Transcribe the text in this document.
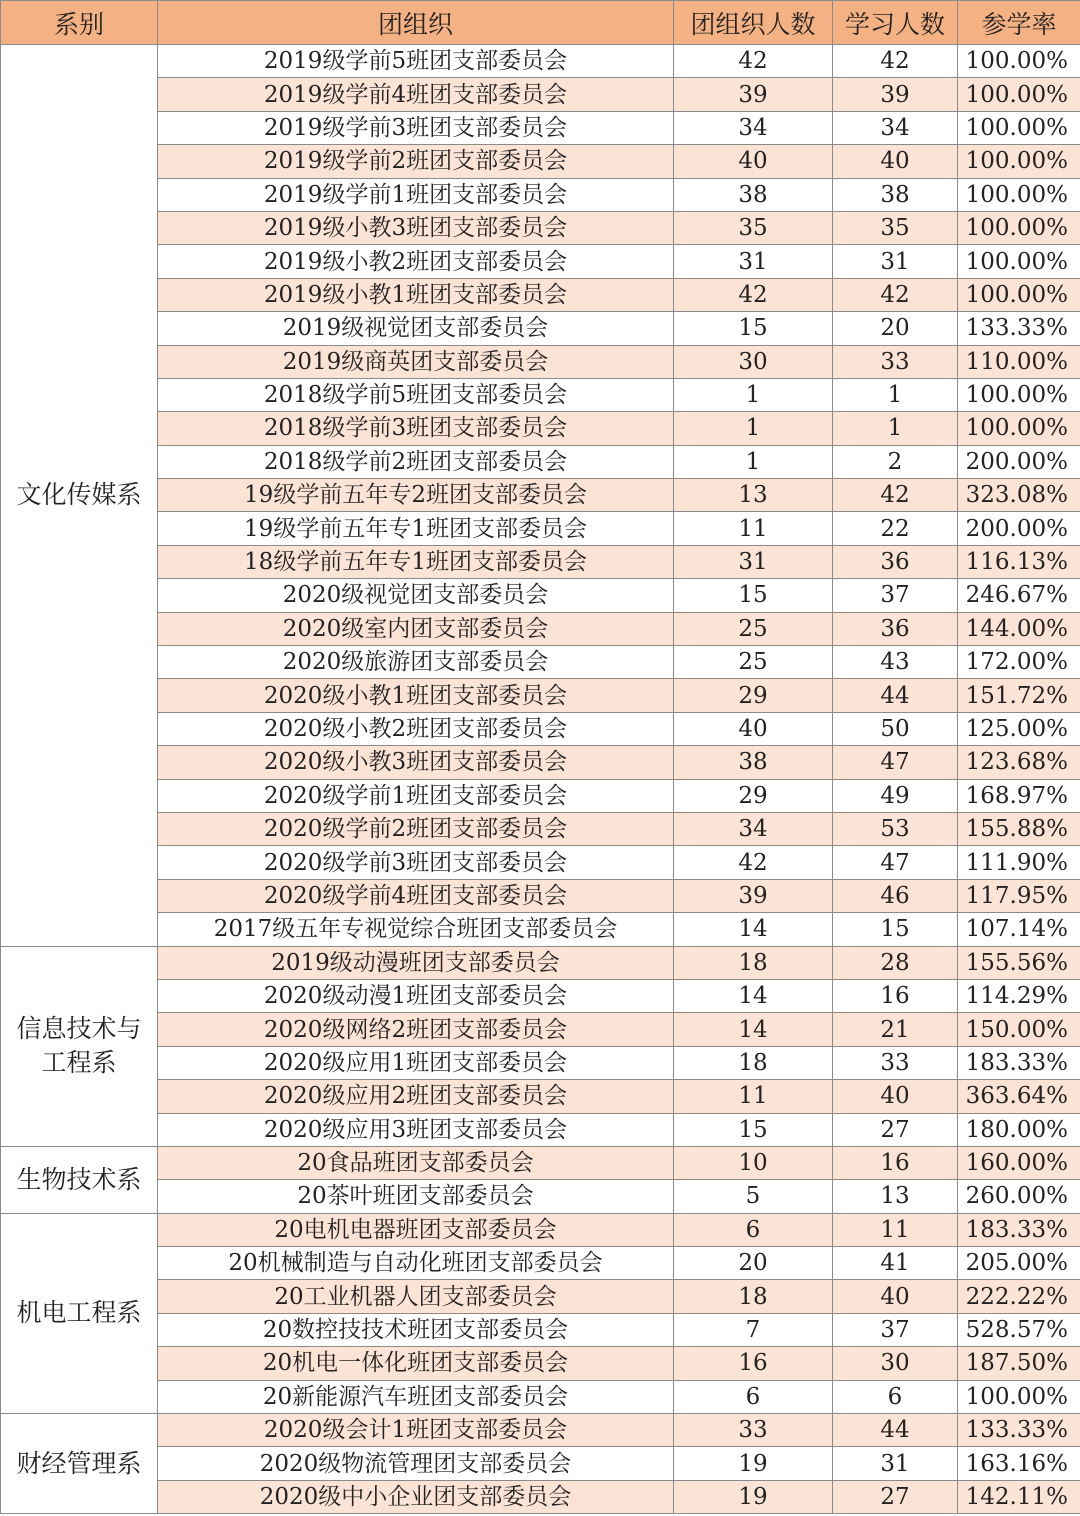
系别	团组织	团组织人数	学习人数	参学率
文化传媒系	2019级学前5班团支部委员会	42	42	100.00%
	2019级学前4班团支部委员会	39	39	100.00%
	2019级学前3班团支部委员会	34	34	100.00%
	2019级学前2班团支部委员会	40	40	100.00%
	2019级学前1班团支部委员会	38	38	100.00%
	2019级小教3班团支部委员会	35	35	100.00%
	2019级小教2班团支部委员会	31	31	100.00%
	2019级小教1班团支部委员会	42	42	100.00%
	2019级视觉团支部委员会	15	20	133.33%
	2019级商英团支部委员会	30	33	110.00%
	2018级学前5班团支部委员会	1	1	100.00%
	2018级学前3班团支部委员会	1	1	100.00%
	2018级学前2班团支部委员会	1	2	200.00%
	19级学前五年专2班团支部委员会	13	42	323.08%
	19级学前五年专1班团支部委员会	11	22	200.00%
	18级学前五年专1班团支部委员会	31	36	116.13%
	2020级视觉团支部委员会	15	37	246.67%
	2020级室内团支部委员会	25	36	144.00%
	2020级旅游团支部委员会	25	43	172.00%
	2020级小教1班团支部委员会	29	44	151.72%
	2020级小教2班团支部委员会	40	50	125.00%
	2020级小教3班团支部委员会	38	47	123.68%
	2020级学前1班团支部委员会	29	49	168.97%
	2020级学前2班团支部委员会	34	53	155.88%
	2020级学前3班团支部委员会	42	47	111.90%
	2020级学前4班团支部委员会	39	46	117.95%
	2017级五年专视觉综合班团支部委员会	14	15	107.14%
信息技术与工程系	2019级动漫班团支部委员会	18	28	155.56%
	2020级动漫1班团支部委员会	14	16	114.29%
	2020级网络2班团支部委员会	14	21	150.00%
	2020级应用1班团支部委员会	18	33	183.33%
	2020级应用2班团支部委员会	11	40	363.64%
	2020级应用3班团支部委员会	15	27	180.00%
生物技术系	20食品班团支部委员会	10	16	160.00%
	20茶叶班团支部委员会	5	13	260.00%
机电工程系	20电机电器班团支部委员会	6	11	183.33%
	20机械制造与自动化班团支部委员会	20	41	205.00%
	20工业机器人团支部委员会	18	40	222.22%
	20数控技技术班团支部委员会	7	37	528.57%
	20机电一体化班团支部委员会	16	30	187.50%
	20新能源汽车班团支部委员会	6	6	100.00%
财经管理系	2020级会计1班团支部委员会	33	44	133.33%
	2020级物流管理团支部委员会	19	31	163.16%
	2020级中小企业团支部委员会	19	27	142.11%
